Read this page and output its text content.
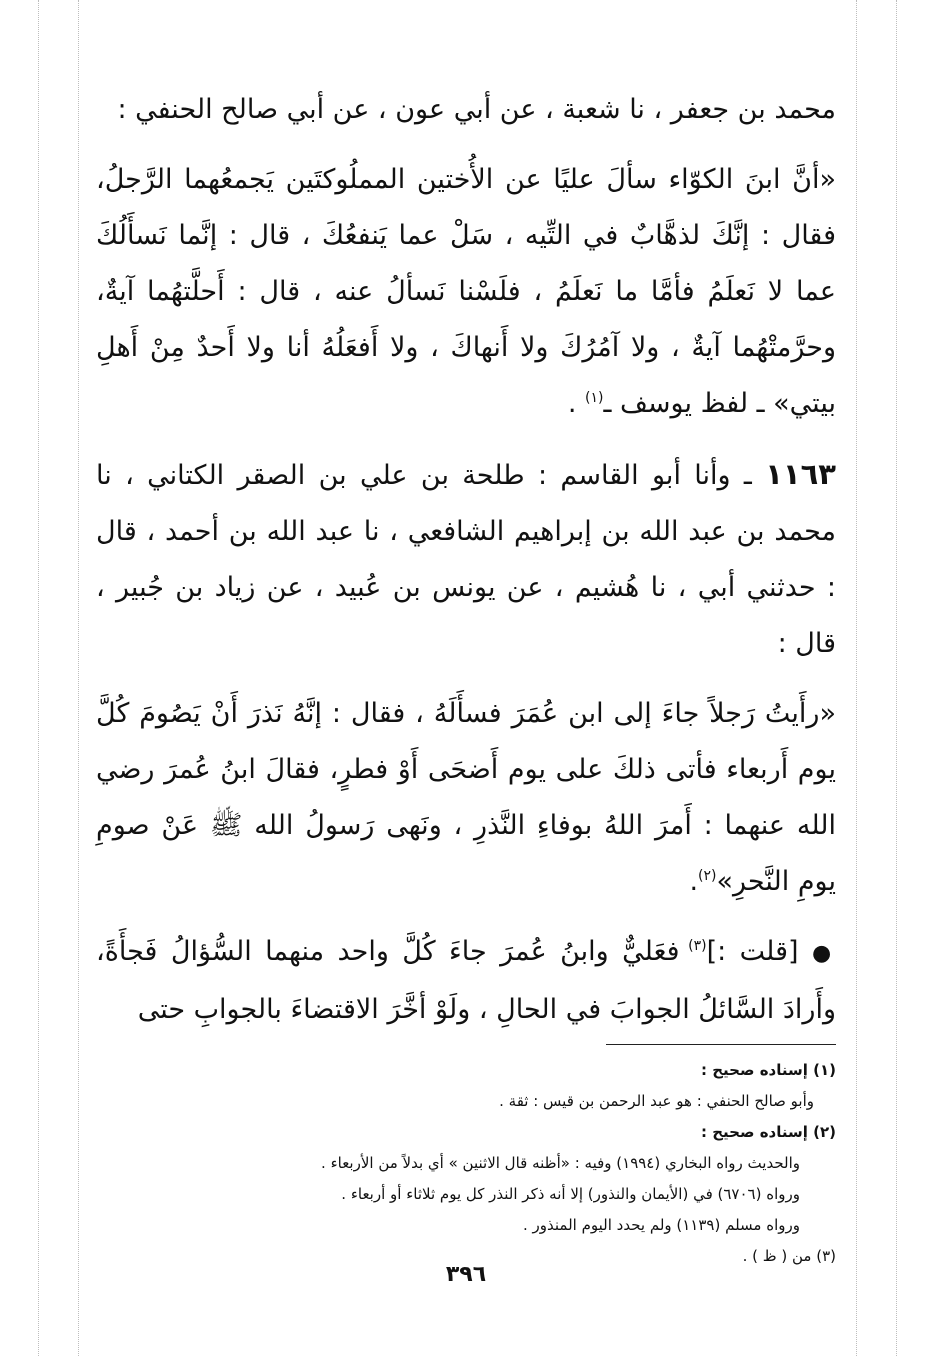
محمد بن جعفر ، نا شعبة ، عن أبي عون ، عن أبي صالح الحنفي :

«أنَّ ابنَ الكوّاء سألَ عليًا عن الأُختين المملُوكتَين يَجمعُهما الرَّجلُ، فقال : إنَّكَ لذهَّابٌ في التِّيه ، سَلْ عما يَنفعُكَ ، قال : إنَّما نَسأَلُكَ عما لا نَعلَمُ فأمَّا ما نَعلَمُ ، فلَسْنا نَسألُ عنه ، قال : أَحلَّتهُما آيةٌ، وحرَّمتْهُما آيةٌ ، ولا آمُرُكَ ولا أَنهاكَ ، ولا أَفعَلُهُ أنا ولا أَحدٌ مِنْ أَهلِ بيتي» ـ لفظ يوسف ـ$^{(١)}$ .

١١٦٣ ـ وأنا أبو القاسم : طلحة بن علي بن الصقر الكتاني ، نا محمد بن عبد الله بن إبراهيم الشافعي ، نا عبد الله بن أحمد ، قال : حدثني أبي ، نا هُشيم ، عن يونس بن عُبيد ، عن زياد بن جُبير ، قال :

«رأَيتُ رَجلاً جاءَ إلى ابن عُمَرَ فسأَلَهُ ، فقال : إنَّهُ نَذرَ أَنْ يَصُومَ كُلَّ يوم أَربعاء فأتى ذلكَ على يوم أَضحَى أَوْ فطرٍ، فقالَ ابنُ عُمرَ رضي الله عنهما : أَمرَ اللهُ بوفاءِ النَّذرِ ، ونَهى رَسولُ الله ﷺ عَنْ صومِ يومِ النَّحرِ»$^{(٢)}$.

● [قلت :]$^{(٣)}$ فعَليٌّ وابنُ عُمرَ جاءَ كُلَّ واحد منهما السُّؤالُ فَجأَةً، وأَرادَ السَّائلُ الجوابَ في الحالِ ، ولَوْ أخَّرَ الاقتضاءَ بالجوابِ حتى

(١) إسناده صحيح :

وأبو صالح الحنفي : هو عبد الرحمن بن قيس : ثقة .

(٢) إسناده صحيح :

والحديث رواه البخاري (١٩٩٤) وفيه : «أظنه قال الاثنين » أي بدلاً من الأربعاء .

ورواه (٦٧٠٦) في (الأيمان والنذور) إلا أنه ذكر النذر كل يوم ثلاثاء أو أربعاء .

ورواه مسلم (١١٣٩) ولم يحدد اليوم المنذور .

(٣) من ( ظ ) .

٣٩٦
